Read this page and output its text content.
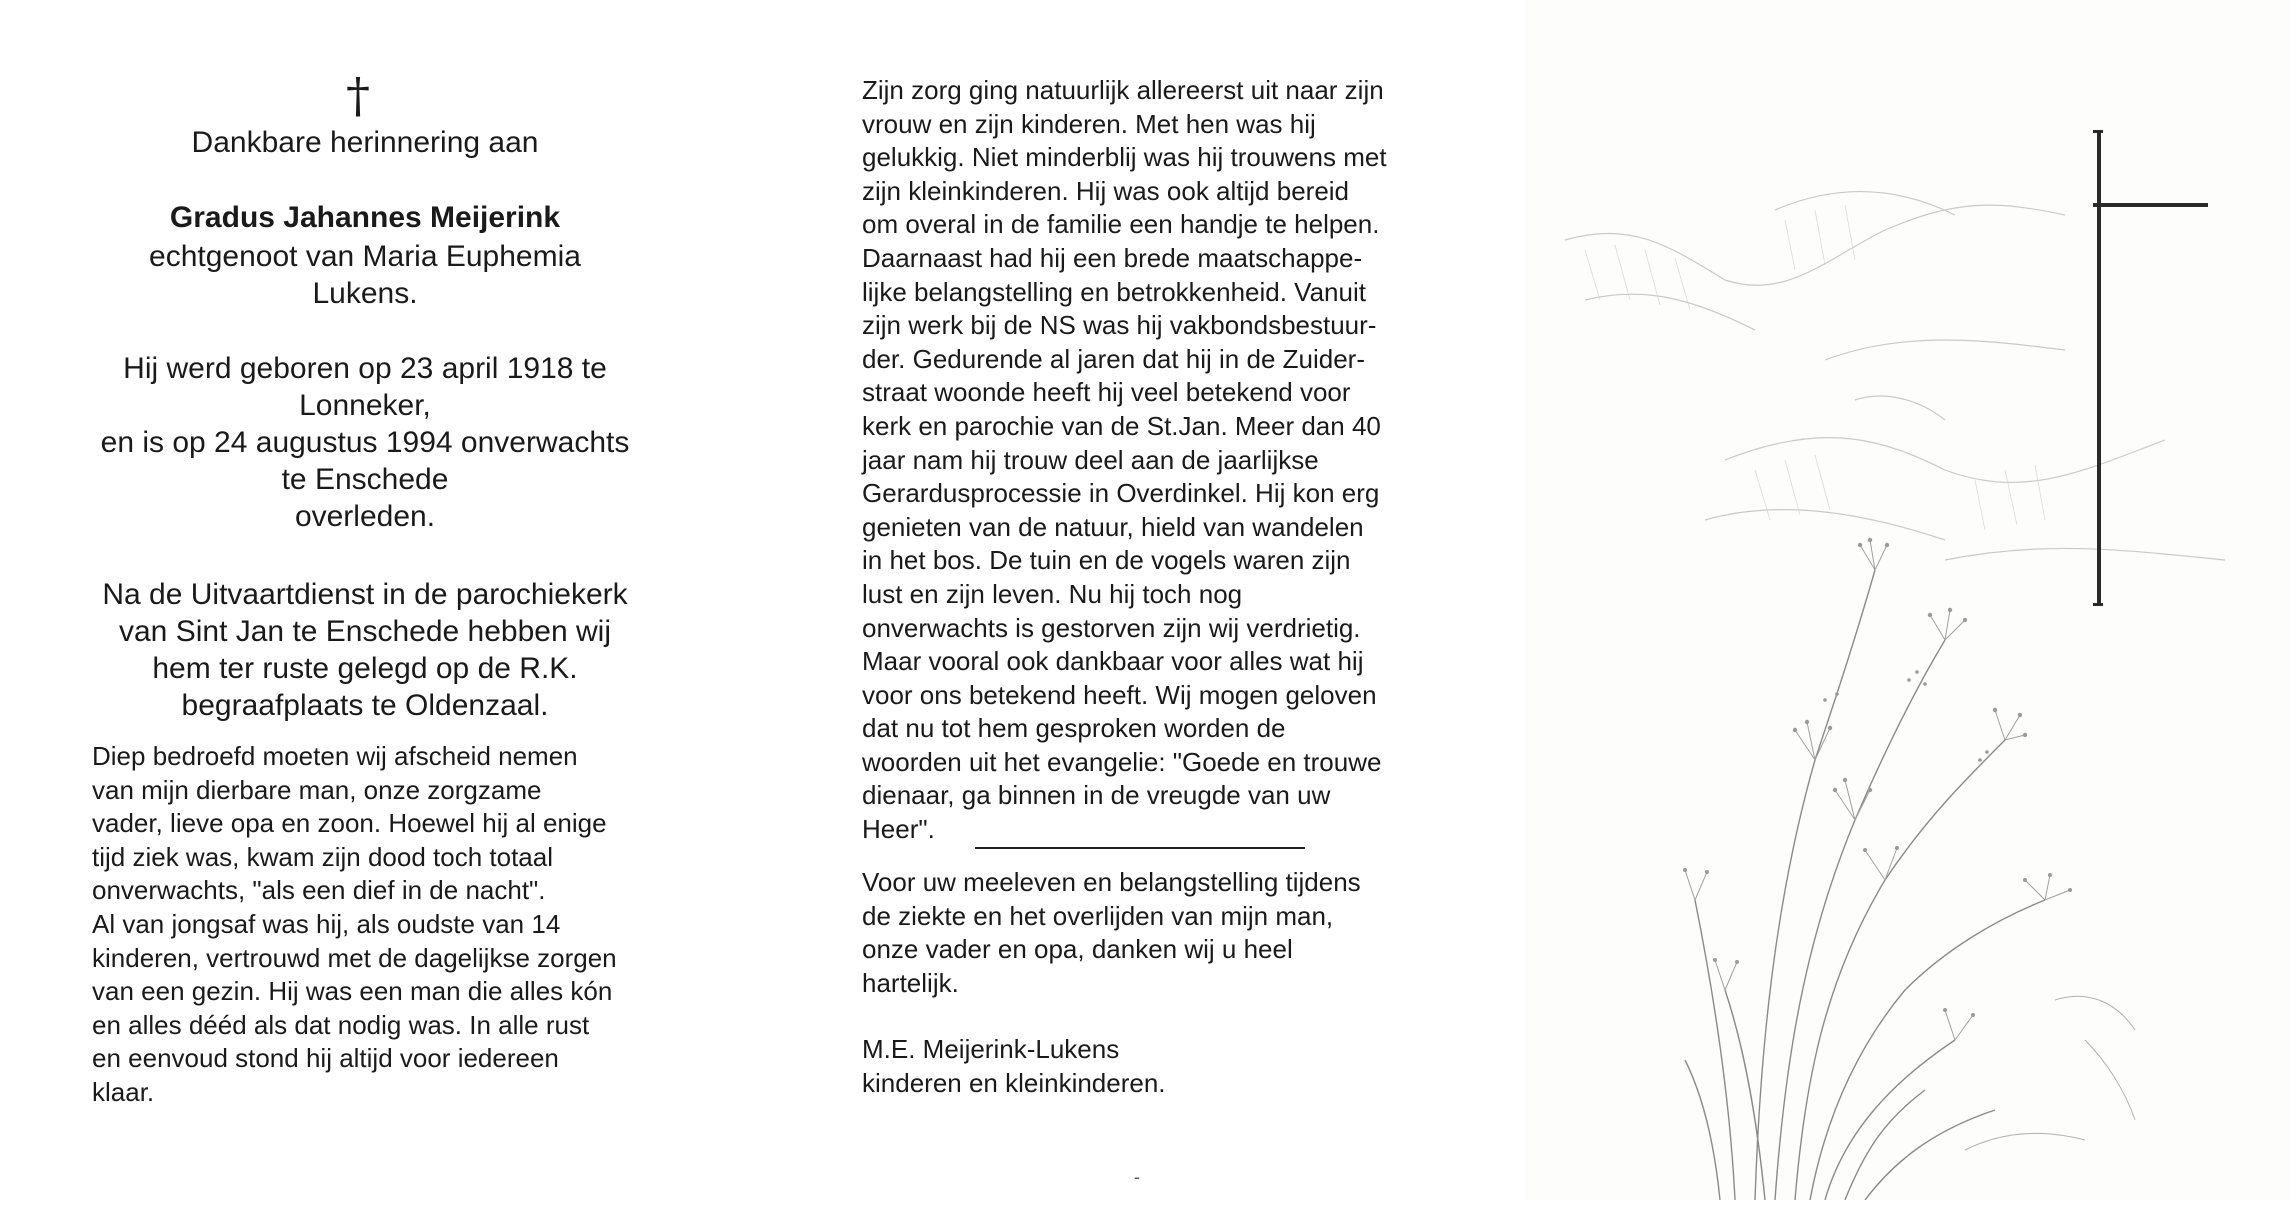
†
Dankbare herinnering aan
Gradus Jahannes Meijerink
echtgenoot van Maria Euphemia
Lukens.
Hij werd geboren op 23 april 1918 te
Lonneker,
en is op 24 augustus 1994 onverwachts
te Enschede
overleden.
Na de Uitvaartdienst in de parochiekerk
van Sint Jan te Enschede hebben wij
hem ter ruste gelegd op de R.K.
begraafplaats te Oldenzaal.
Diep bedroefd moeten wij afscheid nemen
van mijn dierbare man, onze zorgzame
vader, lieve opa en zoon. Hoewel hij al enige
tijd ziek was, kwam zijn dood toch totaal
onverwachts, "als een dief in de nacht".
Al van jongsaf was hij, als oudste van 14
kinderen, vertrouwd met de dagelijkse zorgen
van een gezin. Hij was een man die alles kón
en alles dééd als dat nodig was. In alle rust
en eenvoud stond hij altijd voor iedereen
klaar.
Zijn zorg ging natuurlijk allereerst uit naar zijn
vrouw en zijn kinderen. Met hen was hij
gelukkig. Niet minderblij was hij trouwens met
zijn kleinkinderen. Hij was ook altijd bereid
om overal in de familie een handje te helpen.
Daarnaast had hij een brede maatschappe-
lijke belangstelling en betrokkenheid. Vanuit
zijn werk bij de NS was hij vakbondsbestuur-
der. Gedurende al jaren dat hij in de Zuider-
straat woonde heeft hij veel betekend voor
kerk en parochie van de St.Jan. Meer dan 40
jaar nam hij trouw deel aan de jaarlijkse
Gerardusprocessie in Overdinkel. Hij kon erg
genieten van de natuur, hield van wandelen
in het bos. De tuin en de vogels waren zijn
lust en zijn leven. Nu hij toch nog
onverwachts is gestorven zijn wij verdrietig.
Maar vooral ook dankbaar voor alles wat hij
voor ons betekend heeft. Wij mogen geloven
dat nu tot hem gesproken worden de
woorden uit het evangelie: "Goede en trouwe
dienaar, ga binnen in de vreugde van uw
Heer".
Voor uw meeleven en belangstelling tijdens
de ziekte en het overlijden van mijn man,
onze vader en opa, danken wij u heel
hartelijk.
M.E. Meijerink-Lukens
kinderen en kleinkinderen.
-
